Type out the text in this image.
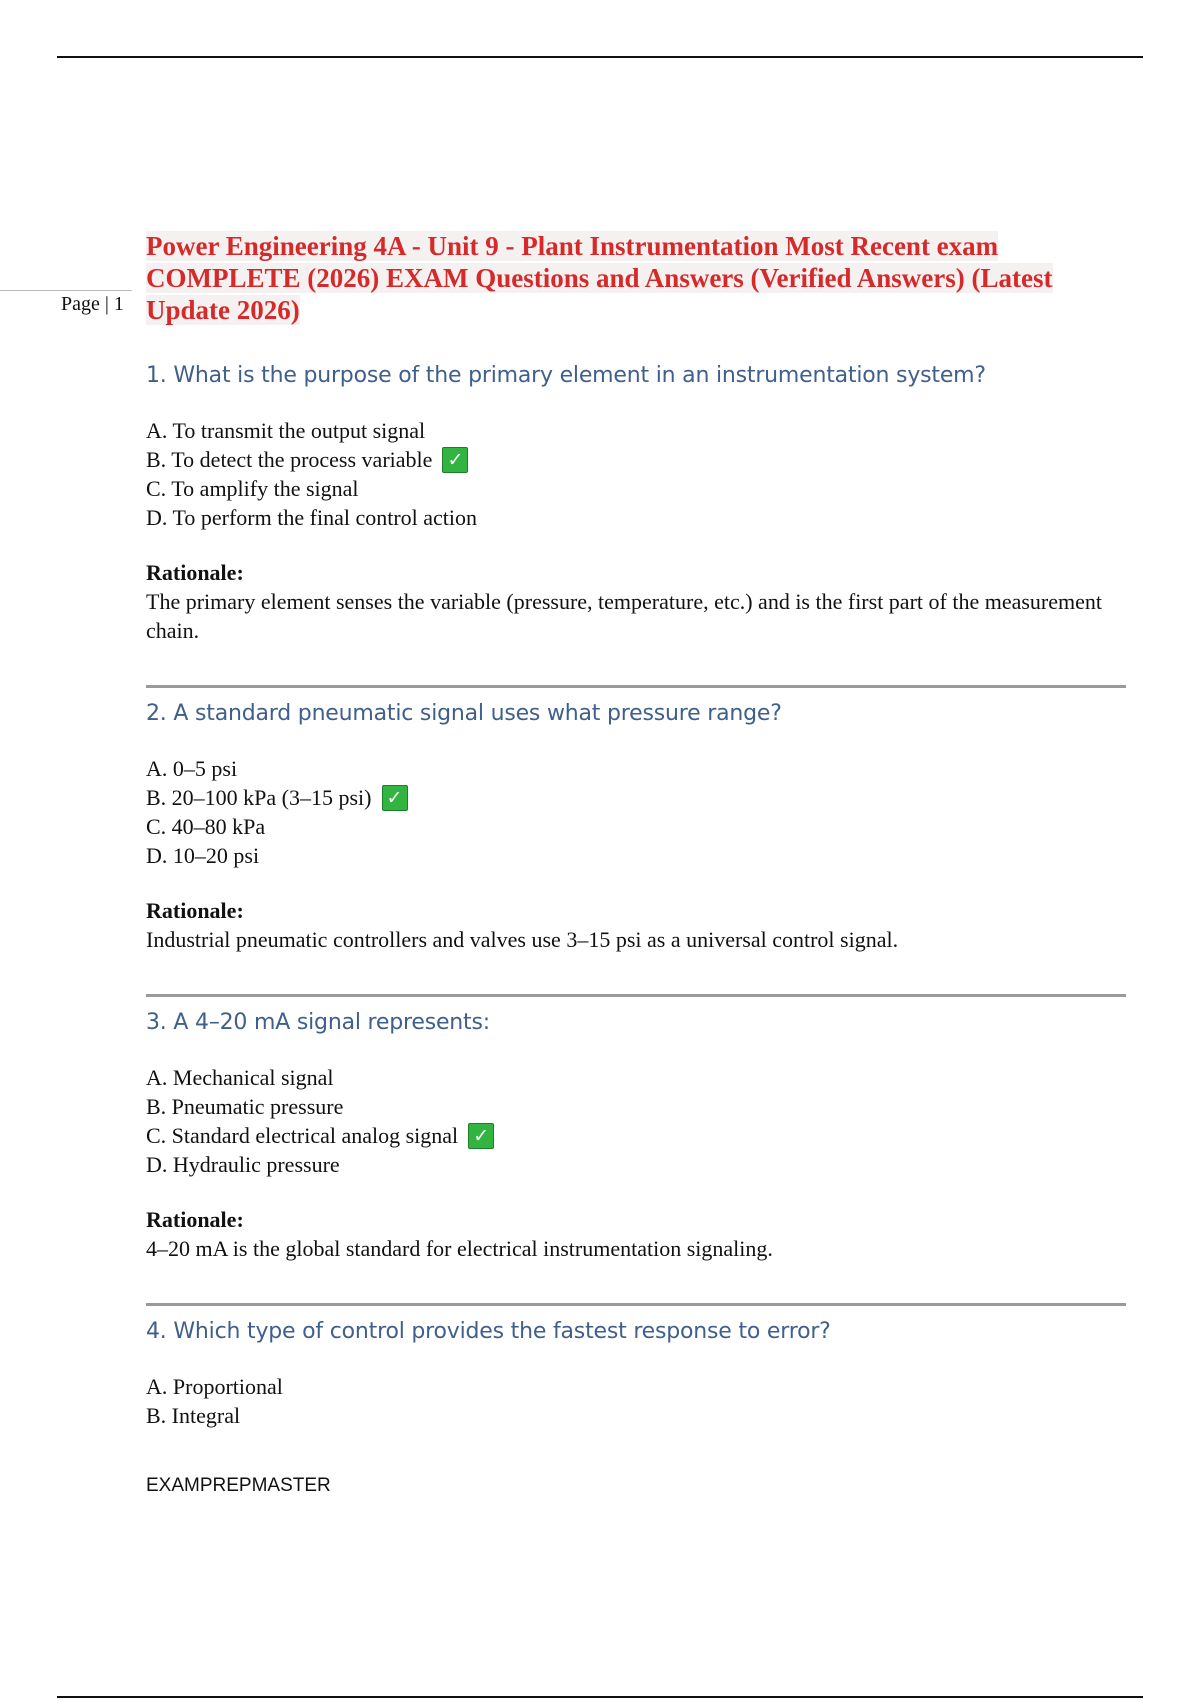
Page | 1
Power Engineering 4A - Unit 9 - Plant Instrumentation Most Recent exam
COMPLETE (2026) EXAM Questions and Answers (Verified Answers) (Latest
Update 2026)

1. What is the purpose of the primary element in an instrumentation system?

A. To transmit the output signal
B. To detect the process variable ✓
C. To amplify the signal
D. To perform the final control action
Rationale:
The primary element senses the variable (pressure, temperature, etc.) and is the first part of the measurement chain.

2. A standard pneumatic signal uses what pressure range?

A. 0–5 psi
B. 20–100 kPa (3–15 psi) ✓
C. 40–80 kPa
D. 10–20 psi
Rationale:
Industrial pneumatic controllers and valves use 3–15 psi as a universal control signal.

3. A 4–20 mA signal represents:

A. Mechanical signal
B. Pneumatic pressure
C. Standard electrical analog signal ✓
D. Hydraulic pressure
Rationale:
4–20 mA is the global standard for electrical instrumentation signaling.

4. Which type of control provides the fastest response to error?

A. Proportional
B. Integral
EXAMPREPMASTER
